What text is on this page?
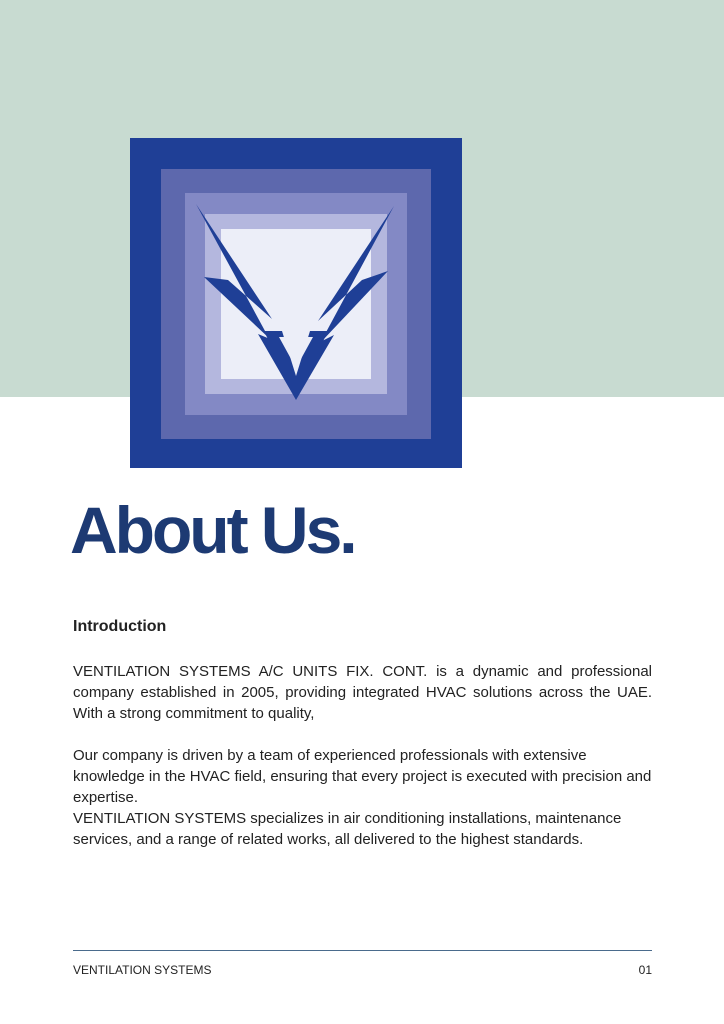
About Us.
Introduction

VENTILATION SYSTEMS A/C UNITS FIX. CONT. is a dynamic and professional company established in 2005, providing integrated HVAC solutions across the UAE. With a strong commitment to quality,

Our company is driven by a team of experienced professionals with extensive knowledge in the HVAC field, ensuring that every project is executed with precision and expertise.

VENTILATION SYSTEMS specializes in air conditioning installations, maintenance services, and a range of related works, all delivered to the highest standards.

VENTILATION SYSTEMS	01
